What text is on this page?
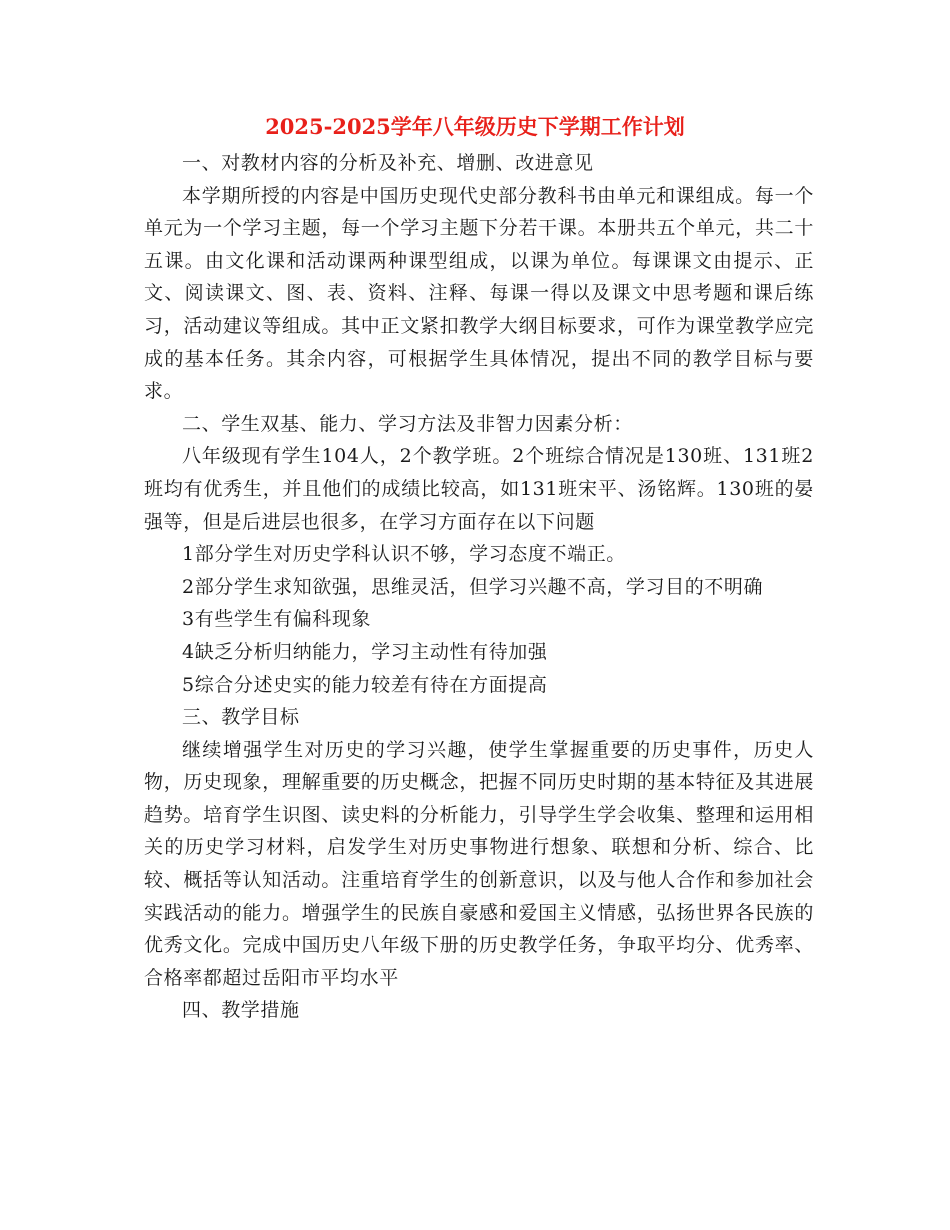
2025-2025学年八年级历史下学期工作计划

一、对教材内容的分析及补充、增删、改进意见

本学期所授的内容是中国历史现代史部分教科书由单元和课组成。每一个单元为一个学习主题，每一个学习主题下分若干课。本册共五个单元，共二十五课。由文化课和活动课两种课型组成，以课为单位。每课课文由提示、正文、阅读课文、图、表、资料、注释、每课一得以及课文中思考题和课后练习，活动建议等组成。其中正文紧扣教学大纲目标要求，可作为课堂教学应完成的基本任务。其余内容，可根据学生具体情况，提出不同的教学目标与要求。

二、学生双基、能力、学习方法及非智力因素分析：

八年级现有学生104人，2个教学班。2个班综合情况是130班、131班2班均有优秀生，并且他们的成绩比较高，如131班宋平、汤铭辉。130班的晏强等，但是后进层也很多，在学习方面存在以下问题

1部分学生对历史学科认识不够，学习态度不端正。

2部分学生求知欲强，思维灵活，但学习兴趣不高，学习目的不明确

3有些学生有偏科现象

4缺乏分析归纳能力，学习主动性有待加强

5综合分述史实的能力较差有待在方面提高

三、教学目标

继续增强学生对历史的学习兴趣，使学生掌握重要的历史事件，历史人物，历史现象，理解重要的历史概念，把握不同历史时期的基本特征及其进展趋势。培育学生识图、读史料的分析能力，引导学生学会收集、整理和运用相关的历史学习材料，启发学生对历史事物进行想象、联想和分析、综合、比较、概括等认知活动。注重培育学生的创新意识，以及与他人合作和参加社会实践活动的能力。增强学生的民族自豪感和爱国主义情感，弘扬世界各民族的优秀文化。完成中国历史八年级下册的历史教学任务，争取平均分、优秀率、合格率都超过岳阳市平均水平

四、教学措施
